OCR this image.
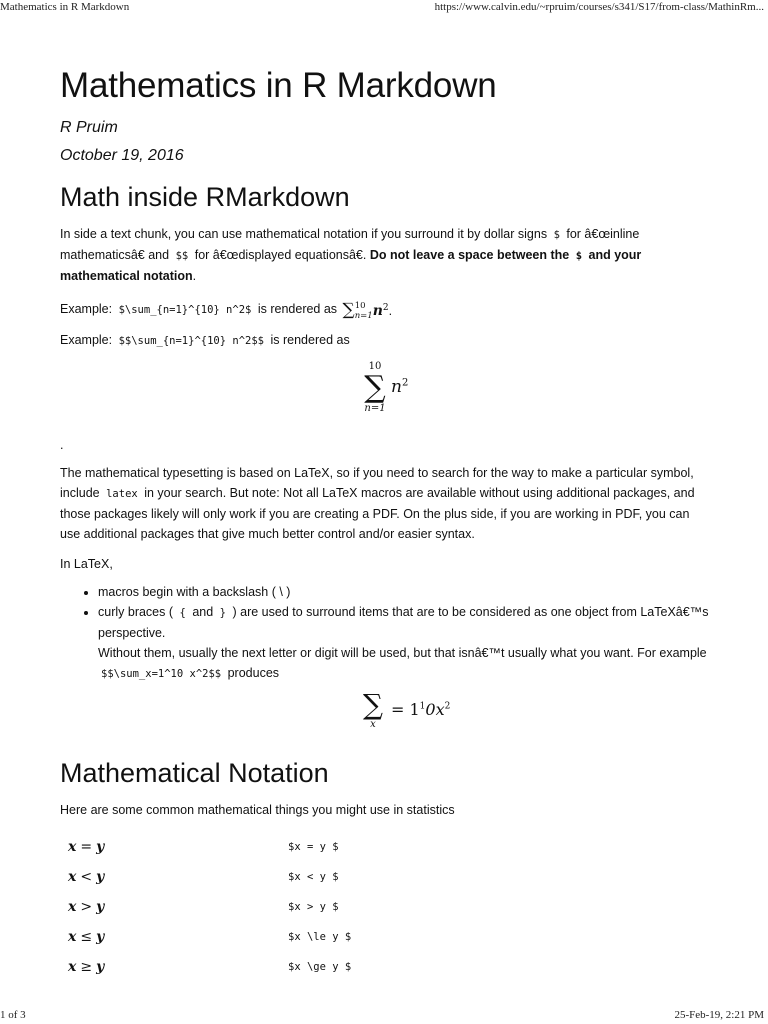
Mathematics in R Markdown	https://www.calvin.edu/~rpruim/courses/s341/S17/from-class/MathinRm...
Mathematics in R Markdown
R Pruim
October 19, 2016
Math inside RMarkdown

In side a text chunk, you can use mathematical notation if you surround it by dollar signs $ for â€œinline mathematicsâ€ and $$ for â€œdisplayed equationsâ€. Do not leave a space between the $ and your mathematical notation.

Example: $\sum_{n=1}^{10} n^2$ is rendered as ∑10
$n=1n^2$.

Example: $$\sum_{n=1}^{10} n^2$$ is rendered as

10
∑
n=1
$n^2$

.

The mathematical typesetting is based on LaTeX, so if you need to search for the way to make a particular symbol, include latex in your search. But note: Not all LaTeX macros are available without using additional packages, and those packages likely will only work if you are creating a PDF. On the plus side, if you are working in PDF, you can use additional packages that give much better control and/or easier syntax.

In LaTeX,

• macros begin with a backslash ( \ )
• curly braces ( { and } ) are used to surround items that are to be considered as one object from LaTeXâ€™s perspective.
Without them, usually the next letter or digit will be used, but that isnâ€™t usually what you want. For example $$\sum_x=1^10 x^2$$ produces
∑
x
= $1^10x^2$
Mathematical Notation

Here are some common mathematical things you might use in statistics

x = y	$x = y $
x < y	$x < y $
x > y	$x > y $
x ≤ y	$x \le y $
x ≥ y	$x \ge y $
1 of 3	25-Feb-19, 2:21 PM
